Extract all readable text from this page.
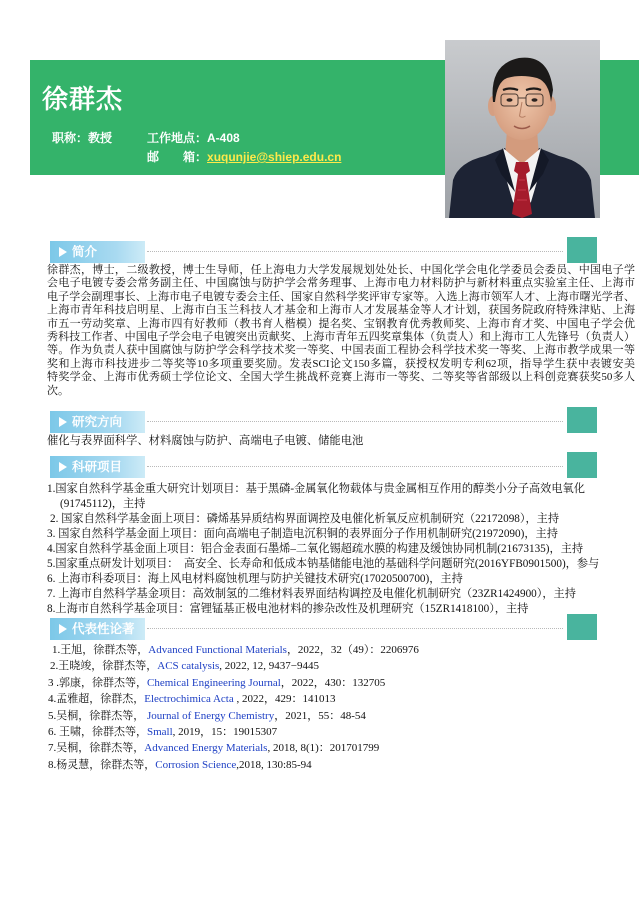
徐群杰
职称：教授	工作地点：A-408
邮　　箱：xuqunjie@shiep.edu.cn
简介
徐群杰，博士，二级教授，博士生导师，任上海电力大学发展规划处处长、中国化学会电化学委员会委员、中国电子学
会电子电镀专委会常务副主任、中国腐蚀与防护学会常务理事、上海市电力材料防护与新材料重点实验室主任、上海市
电子学会副理事长、上海市电子电镀专委会主任、国家自然科学奖评审专家等。入选上海市领军人才、上海市曙光学者、
上海市青年科技启明星、上海市白玉兰科技人才基金和上海市人才发展基金等人才计划，获国务院政府特殊津贴、上海
市五一劳动奖章、上海市四有好教师（教书育人楷模）提名奖、宝钢教育优秀教师奖、上海市育才奖、中国电子学会优
秀科技工作者、中国电子学会电子电镀突出贡献奖、上海市青年五四奖章集体（负责人）和上海市工人先锋号（负责人）
等。作为负责人获中国腐蚀与防护学会科学技术奖一等奖、中国表面工程协会科学技术奖一等奖、上海市教学成果一等
奖和上海市科技进步二等奖等10多项重要奖励。发表SCI论文150多篇，获授权发明专利62项，指导学生获中表镀安美
特奖学金、上海市优秀硕士学位论文、全国大学生挑战杯竞赛上海市一等奖、二等奖等省部级以上科创竞赛获奖50多人
次。
研究方向
催化与表界面科学、材料腐蚀与防护、高端电子电镀、储能电池
科研项目
1.国家自然科学基金重大研究计划项目：基于黑磷-金属氧化物载体与贵金属相互作用的醇类小分子高效电氧化
(91745112)，主持
2. 国家自然科学基金面上项目：磷烯基异质结构界面调控及电催化析氧反应机制研究（22172098），主持
3. 国家自然科学基金面上项目：面向高端电子制造电沉积铜的表界面分子作用机制研究(21972090)，主持
4.国家自然科学基金面上项目：铝合金表面石墨烯–二氧化锡超疏水膜的构建及缓蚀协同机制(21673135)，主持
5.国家重点研发计划项目：  高安全、长寿命和低成本钠基储能电池的基础科学问题研究(2016YFB0901500)，参与
6. 上海市科委项目：海上风电材料腐蚀机理与防护关键技术研究(17020500700)，主持
7. 上海市自然科学基金项目：高效制氢的二维材料表界面结构调控及电催化机制研究（23ZR1424900），主持
8.上海市自然科学基金项目：富锂锰基正极电池材料的掺杂改性及机理研究（15ZR1418100），主持
代表性论著
1.王旭，徐群杰等，Advanced Functional Materials，2022，32（49）：2206976
2.王晓竣，徐群杰等，ACS catalysis, 2022, 12, 9437−9445
3 .郭康，徐群杰等，Chemical Engineering Journal，2022，430：132705
4.孟雅超，徐群杰，Electrochimica Acta , 2022，429：141013
5.吴桐，徐群杰等， Journal of Energy Chemistry，2021，55：48-54
6. 王啸，徐群杰等，Small, 2019，15：19015307
7.吴桐，徐群杰等，Advanced Energy Materials, 2018, 8(1)：201701799
8.杨灵慧，徐群杰等，Corrosion Science,2018, 130:85-94
